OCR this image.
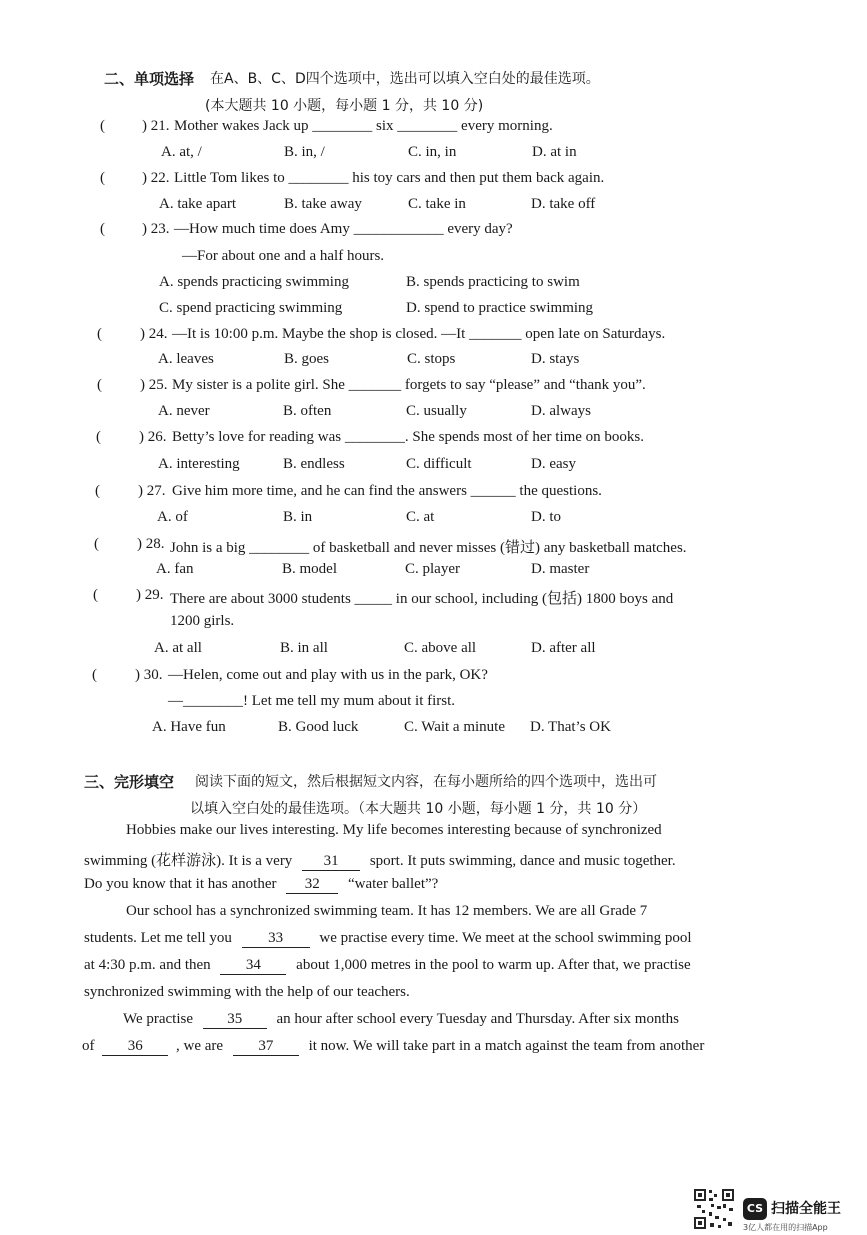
二、单项选择 在A、B、C、D四个选项中，选出可以填入空白处的最佳选项。
(本大题共 10 小题，每小题 1 分，共 10 分)
( ) 21. Mother wakes Jack up ________ six ________ every morning.
A. at, /	B. in, /	C. in, in	D. at in
( ) 22. Little Tom likes to ________ his toy cars and then put them back again.
A. take apart	B. take away	C. take in	D. take off
( ) 23. —How much time does Amy ____________ every day?
—For about one and a half hours.
A. spends practicing swimming	B. spends practicing to swim
C. spend practicing swimming	D. spend to practice swimming
(	) 24. —It is 10:00 p.m. Maybe the shop is closed. —It _______ open late on Saturdays.
A. leaves	B. goes	C. stops	D. stays
(	) 25. My sister is a polite girl. She _______ forgets to say “please” and “thank you”.
A. never	B. often	C. usually	D. always
(	) 26. Betty’s love for reading was ________. She spends most of her time on books.
A. interesting	B. endless	C. difficult	D. easy
(	) 27. Give him more time, and he can find the answers ______ the questions.
A. of	B. in	C. at	D. to
(	) 28. John is a big ________ of basketball and never misses (错过) any basketball matches.
A. fan	B. model	C. player	D. master
(	) 29. There are about 3000 students _____ in our school, including (包括) 1800 boys and
1200 girls.
A. at all	B. in all	C. above all	D. after all
(	) 30. —Helen, come out and play with us in the park, OK?
—________! Let me tell my mum about it first.
A. Have fun	B. Good luck	C. Wait a minute D. That’s OK
三、完形填空 阅读下面的短文，然后根据短文内容，在每小题所给的四个选项中，选出可
以填入空白处的最佳选项。（本大题共 10 小题，每小题 1 分，共 10 分）
Hobbies make our lives interesting. My life becomes interesting because of synchronized
swimming (花样游泳). It is a very 31 sport. It puts swimming, dance and music together.
Do you know that it has another 32 “water ballet”?
Our school has a synchronized swimming team. It has 12 members. We are all Grade 7
students. Let me tell you 33 we practise every time. We meet at the school swimming pool
at 4:30 p.m. and then 34 about 1,000 metres in the pool to warm up. After that, we practise
synchronized swimming with the help of our teachers.
We practise 35 an hour after school every Tuesday and Thursday. After six months
of 36 , we are 37 it now. We will take part in a match against the team from another
CS 扫描全能王
3亿人都在用的扫描App
